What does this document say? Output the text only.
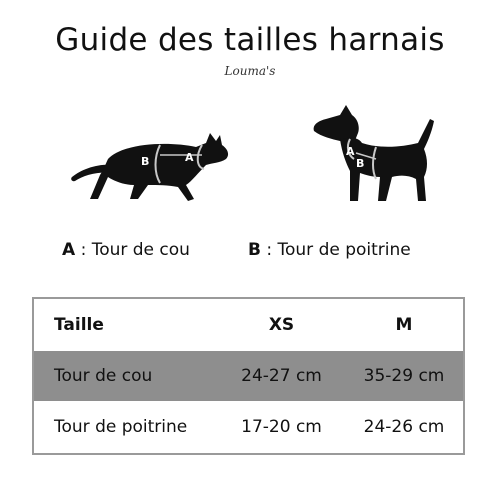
Guide des tailles harnais
Louma's
B	A	A
B
A : Tour de cou	B : Tour de poitrine
Taille	XS	M
Tour de cou	24-27 cm	35-29 cm
Tour de poitrine	17-20 cm	24-26 cm
